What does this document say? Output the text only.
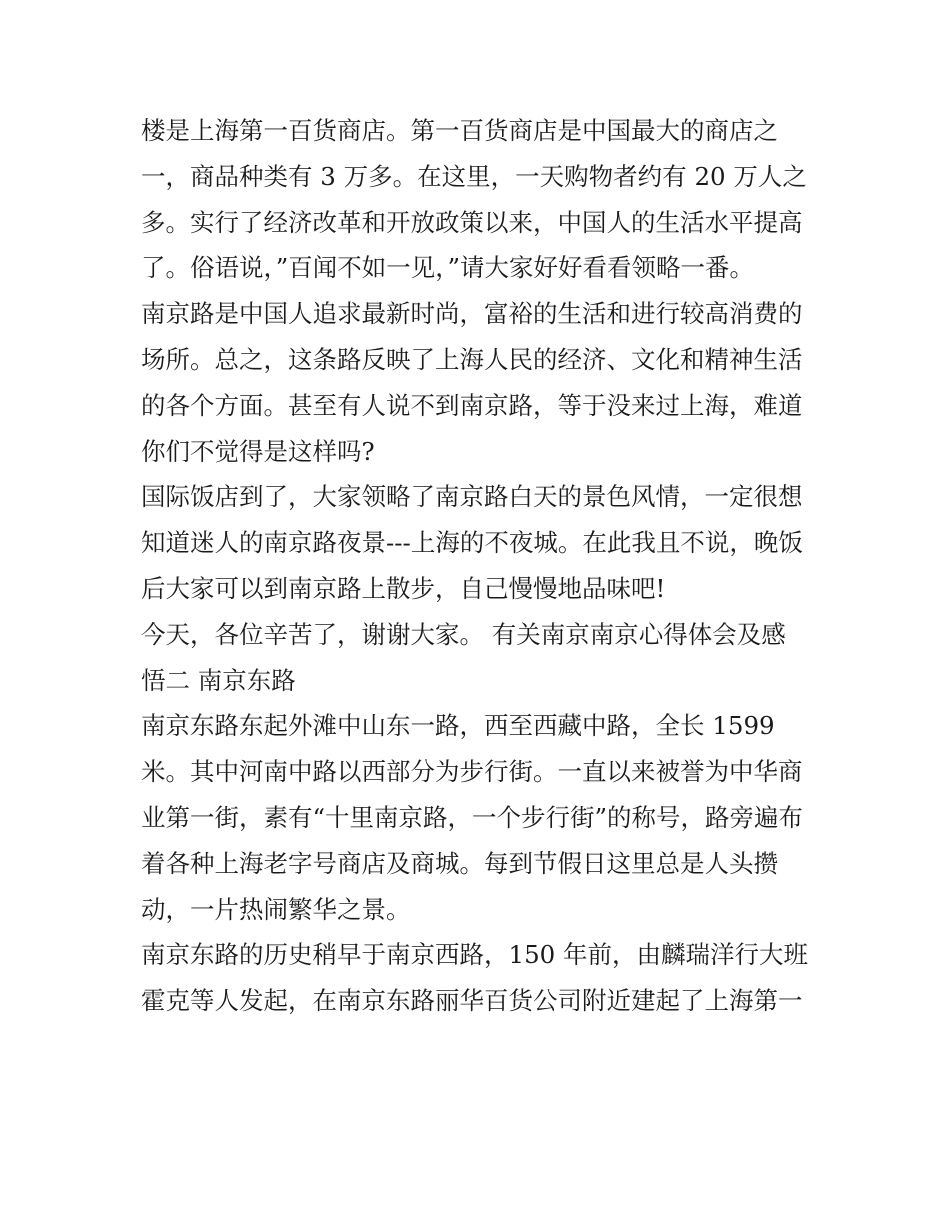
楼是上海第一百货商店。第一百货商店是中国最大的商店之
一，商品种类有 3 万多。在这里，一天购物者约有 20 万人之
多。实行了经济改革和开放政策以来，中国人的生活水平提高
了。俗语说，”百闻不如一见，”请大家好好看看领略一番。
南京路是中国人追求最新时尚，富裕的生活和进行较高消费的
场所。总之，这条路反映了上海人民的经济、文化和精神生活
的各个方面。甚至有人说不到南京路，等于没来过上海，难道
你们不觉得是这样吗?
国际饭店到了，大家领略了南京路白天的景色风情，一定很想
知道迷人的南京路夜景---上海的不夜城。在此我且不说，晚饭
后大家可以到南京路上散步，自己慢慢地品味吧!
今天，各位辛苦了，谢谢大家。 有关南京南京心得体会及感
悟二 南京东路
南京东路东起外滩中山东一路，西至西藏中路，全长 1599
米。其中河南中路以西部分为步行街。一直以来被誉为中华商
业第一街，素有“十里南京路，一个步行街”的称号，路旁遍布
着各种上海老字号商店及商城。每到节假日这里总是人头攒
动，一片热闹繁华之景。
南京东路的历史稍早于南京西路，150 年前，由麟瑞洋行大班
霍克等人发起，在南京东路丽华百货公司附近建起了上海第一
